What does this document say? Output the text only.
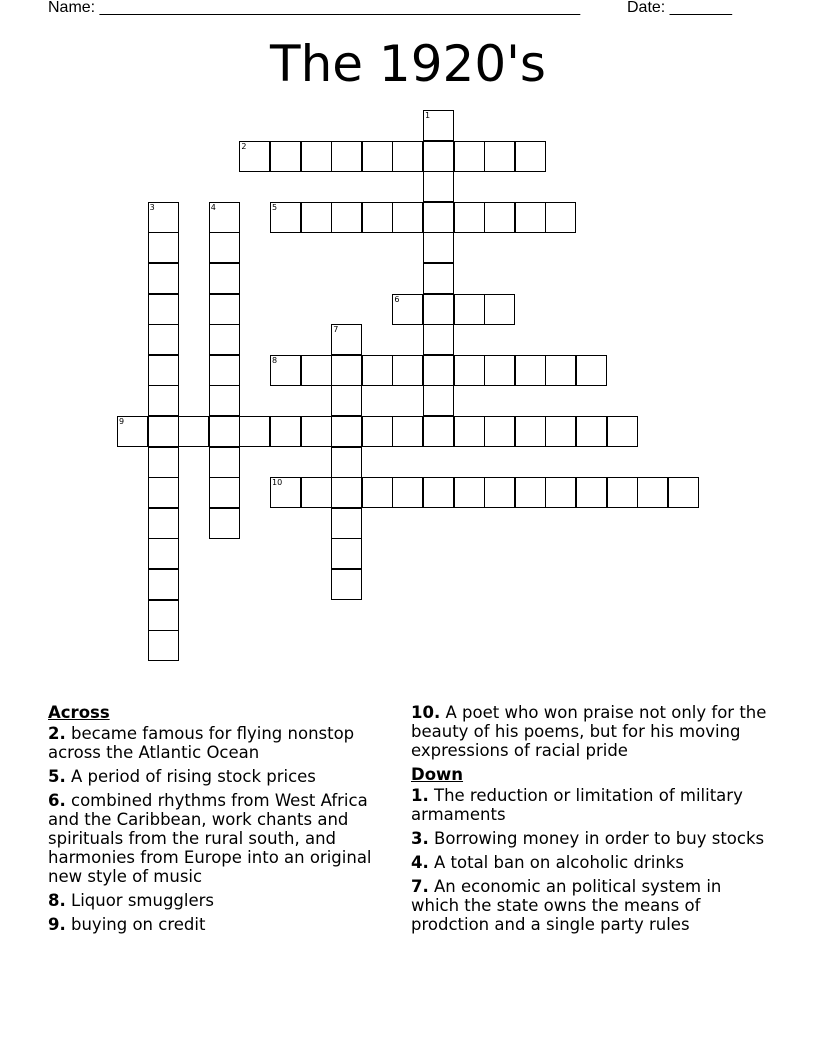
Name: ______________________________________________________	Date: _______
The 1920's
1
2
3	4	5
6
7
8
9
10
Across
2. became famous for flying nonstop across the Atlantic Ocean
5. A period of rising stock prices
6. combined rhythms from West Africa and the Caribbean, work chants and spirituals from the rural south, and harmonies from Europe into an original new style of music
8. Liquor smugglers
9. buying on credit
10. A poet who won praise not only for the beauty of his poems, but for his moving expressions of racial pride
Down
1. The reduction or limitation of military armaments
3. Borrowing money in order to buy stocks
4. A total ban on alcoholic drinks
7. An economic an political system in which the state owns the means of prodction and a single party rules
